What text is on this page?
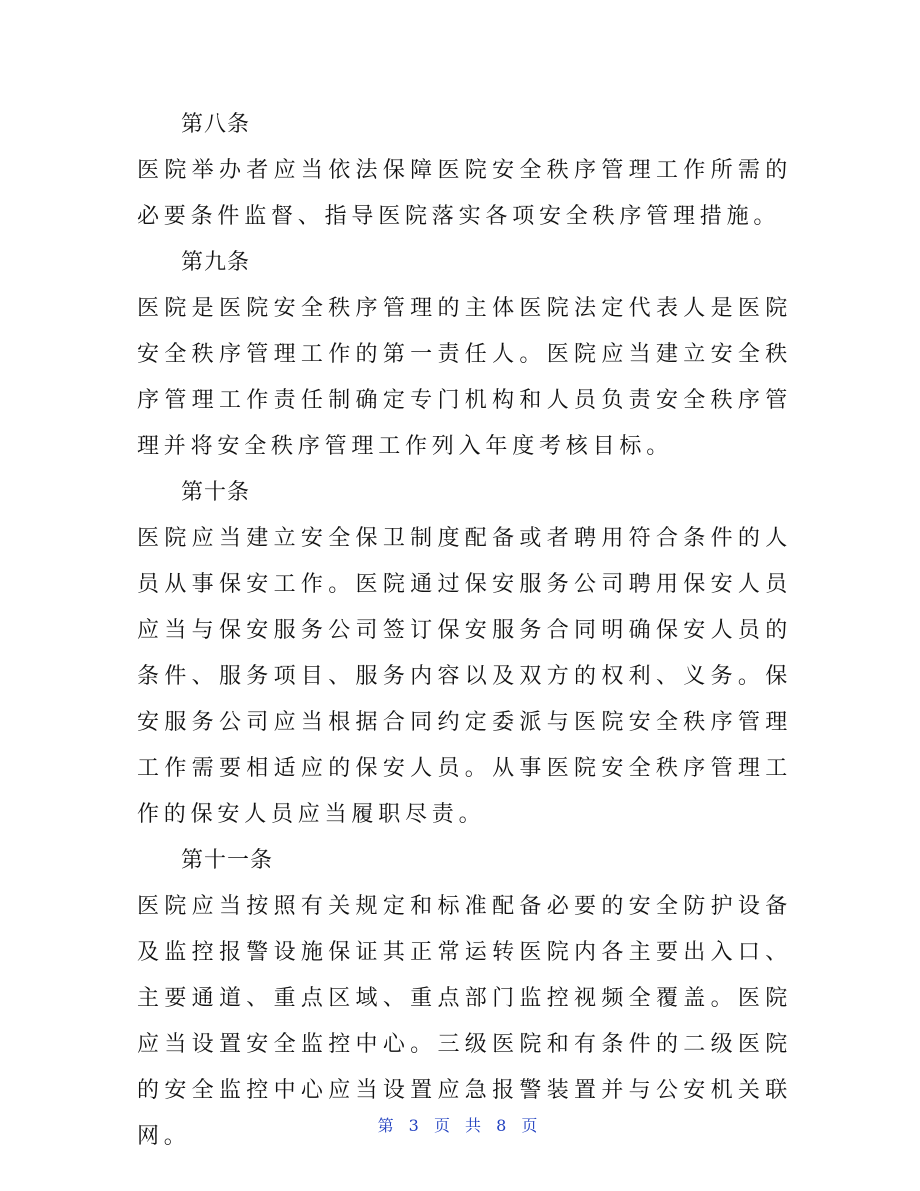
第八条
医院举办者应当依法保障医院安全秩序管理工作所需的必要条件监督、指导医院落实各项安全秩序管理措施。
第九条
医院是医院安全秩序管理的主体医院法定代表人是医院安全秩序管理工作的第一责任人。医院应当建立安全秩序管理工作责任制确定专门机构和人员负责安全秩序管理并将安全秩序管理工作列入年度考核目标。
第十条
医院应当建立安全保卫制度配备或者聘用符合条件的人员从事保安工作。医院通过保安服务公司聘用保安人员应当与保安服务公司签订保安服务合同明确保安人员的条件、服务项目、服务内容以及双方的权利、义务。保安服务公司应当根据合同约定委派与医院安全秩序管理工作需要相适应的保安人员。从事医院安全秩序管理工作的保安人员应当履职尽责。
第十一条
医院应当按照有关规定和标准配备必要的安全防护设备及监控报警设施保证其正常运转医院内各主要出入口、主要通道、重点区域、重点部门监控视频全覆盖。医院应当设置安全监控中心。三级医院和有条件的二级医院的安全监控中心应当设置应急报警装置并与公安机关联网。	第 3 页 共 8 页
